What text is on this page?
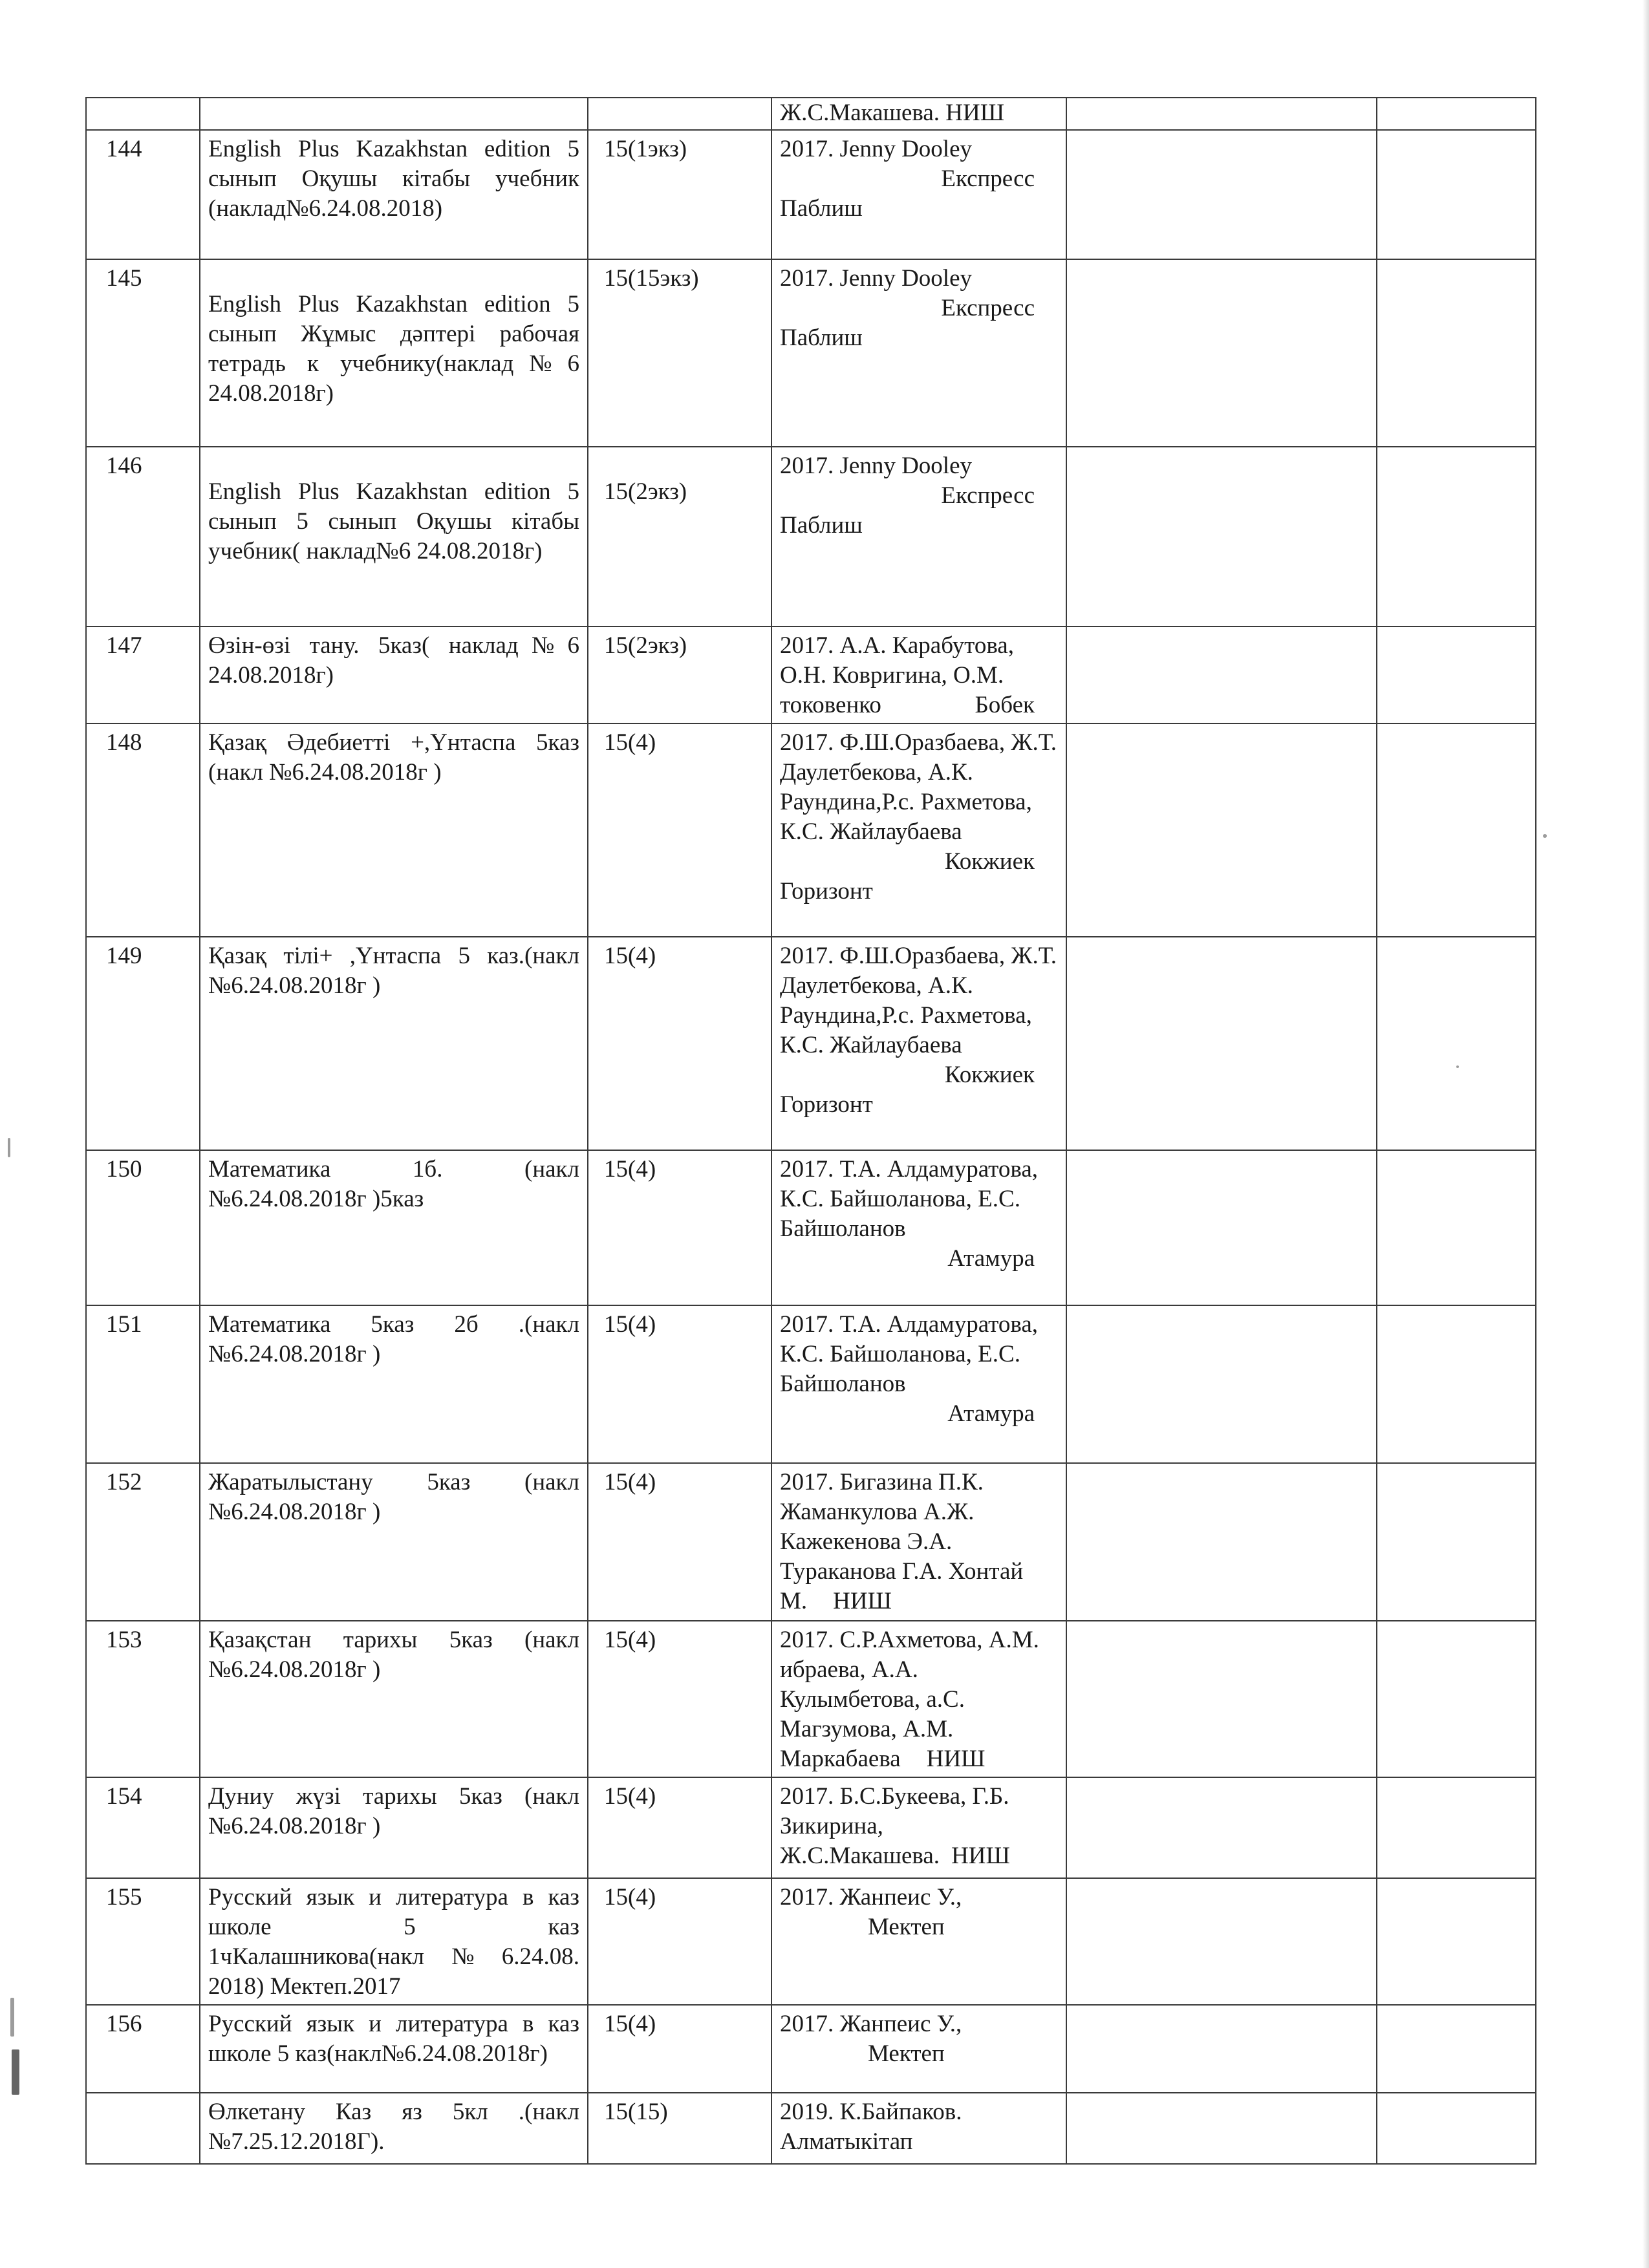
			Ж.С.Макашева. НИШ		

144	English Plus Kazakhstan edition 5 сынып Оқушы кітабы учебник (наклад№6.24.08.2018)	15(1экз)	2017. Jenny Dooley
Експресс
Паблиш		

145	English Plus Kazakhstan edition 5 сынып Жұмыс дәптері рабочая тетрадь к учебнику(наклад№6 24.08.2018г)	15(15экз)	2017. Jenny Dooley
Експресс
Паблиш		

146	English Plus Kazakhstan edition 5 сынып 5 сынып Оқушы кітабы учебник( наклад№6 24.08.2018г)	15(2экз)	2017. Jenny Dooley
Експресс
Паблиш		

147	Өзін-өзі тану. 5каз( наклад№6 24.08.2018г)	15(2экз)	2017. А.А. Карабутова, О.Н. Ковригина, О.М. токовенко Бобек		

148	Қазақ Әдебиетті +,Үнтаспа 5каз (накл №6.24.08.2018г )	15(4)	2017. Ф.Ш.Оразбаева, Ж.Т. Даулетбекова, А.К. Раундина,Р.с. Рахметова, К.С. Жайлаубаева
Кокжиек
Горизонт		

149	Қазақ тілі+ ,Үнтаспа 5 каз.(накл №6.24.08.2018г )	15(4)	2017. Ф.Ш.Оразбаева, Ж.Т. Даулетбекова, А.К. Раундина,Р.с. Рахметова, К.С. Жайлаубаева
Кокжиек
Горизонт		

150	Математика 1б. (накл №6.24.08.2018г )5каз	15(4)	2017. Т.А. Алдамуратова, К.С. Байшоланова, Е.С. Байшоланов
Атамура		

151	Математика 5каз 2б .(накл №6.24.08.2018г )	15(4)	2017. Т.А. Алдамуратова, К.С. Байшоланова, Е.С. Байшоланов
Атамура		

152	Жаратылыстану 5каз (накл №6.24.08.2018г )	15(4)	2017. Бигазина П.К. Жаманкулова А.Ж. Кажекенова Э.А. Тураканова Г.А. Хонтай М. НИШ		
153	Қазақстан тарихы 5каз (накл №6.24.08.2018г )	15(4)	2017. С.Р.Ахметова, А.М. ибраева, А.А. Кулымбетова, а.С. Магзумова, А.М. Маркабаева НИШ		
154	Дуниу жүзі тарихы 5каз (накл №6.24.08.2018г )	15(4)	2017. Б.С.Букеева, Г.Б. Зикирина, Ж.С.Макашева. НИШ		
155	Русский язык и литература в каз школе 5 каз 1чКалашникова(накл№6.24.08. 2018) Мектеп.2017	15(4)	2017. Жанпеис У.,
Мектеп		

156	Русский язык и литература в каз школе 5 каз(накл№6.24.08.2018г)	15(4)	2017. Жанпеис У.,
Мектеп		

	Өлкетану Каз яз 5кл .(накл №7.25.12.2018Г).	15(15)	2019. К.Байпаков. Алматыкітап		
